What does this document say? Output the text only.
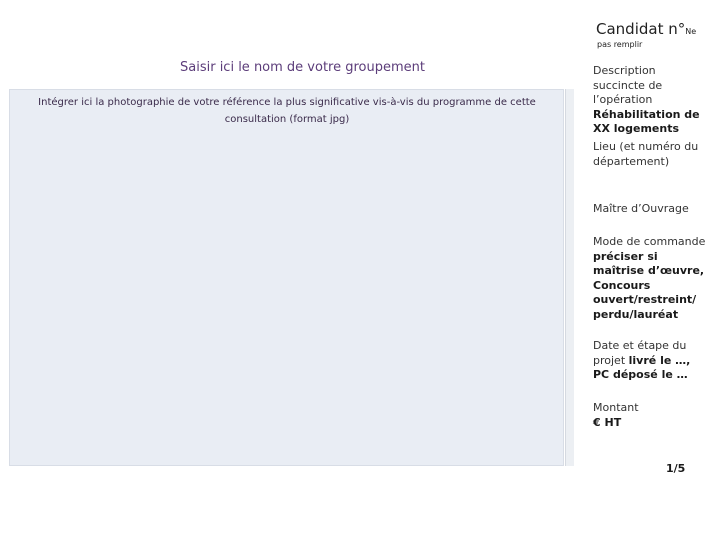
Candidat n°Ne
pas remplir
Saisir ici le nom de votre groupement
Intégrer ici la photographie de votre référence la plus significative vis-à-vis du programme de cette consultation (format jpg)
Description succincte de l’opération
Réhabilitation de XX logements
Lieu (et numéro du département)
Maître d’Ouvrage
Mode de commande
préciser si maîtrise d’œuvre, Concours ouvert/restreint/ perdu/lauréat
Date et étape du projet livré le …,
PC déposé le …
Montant
€ HT
1/5
